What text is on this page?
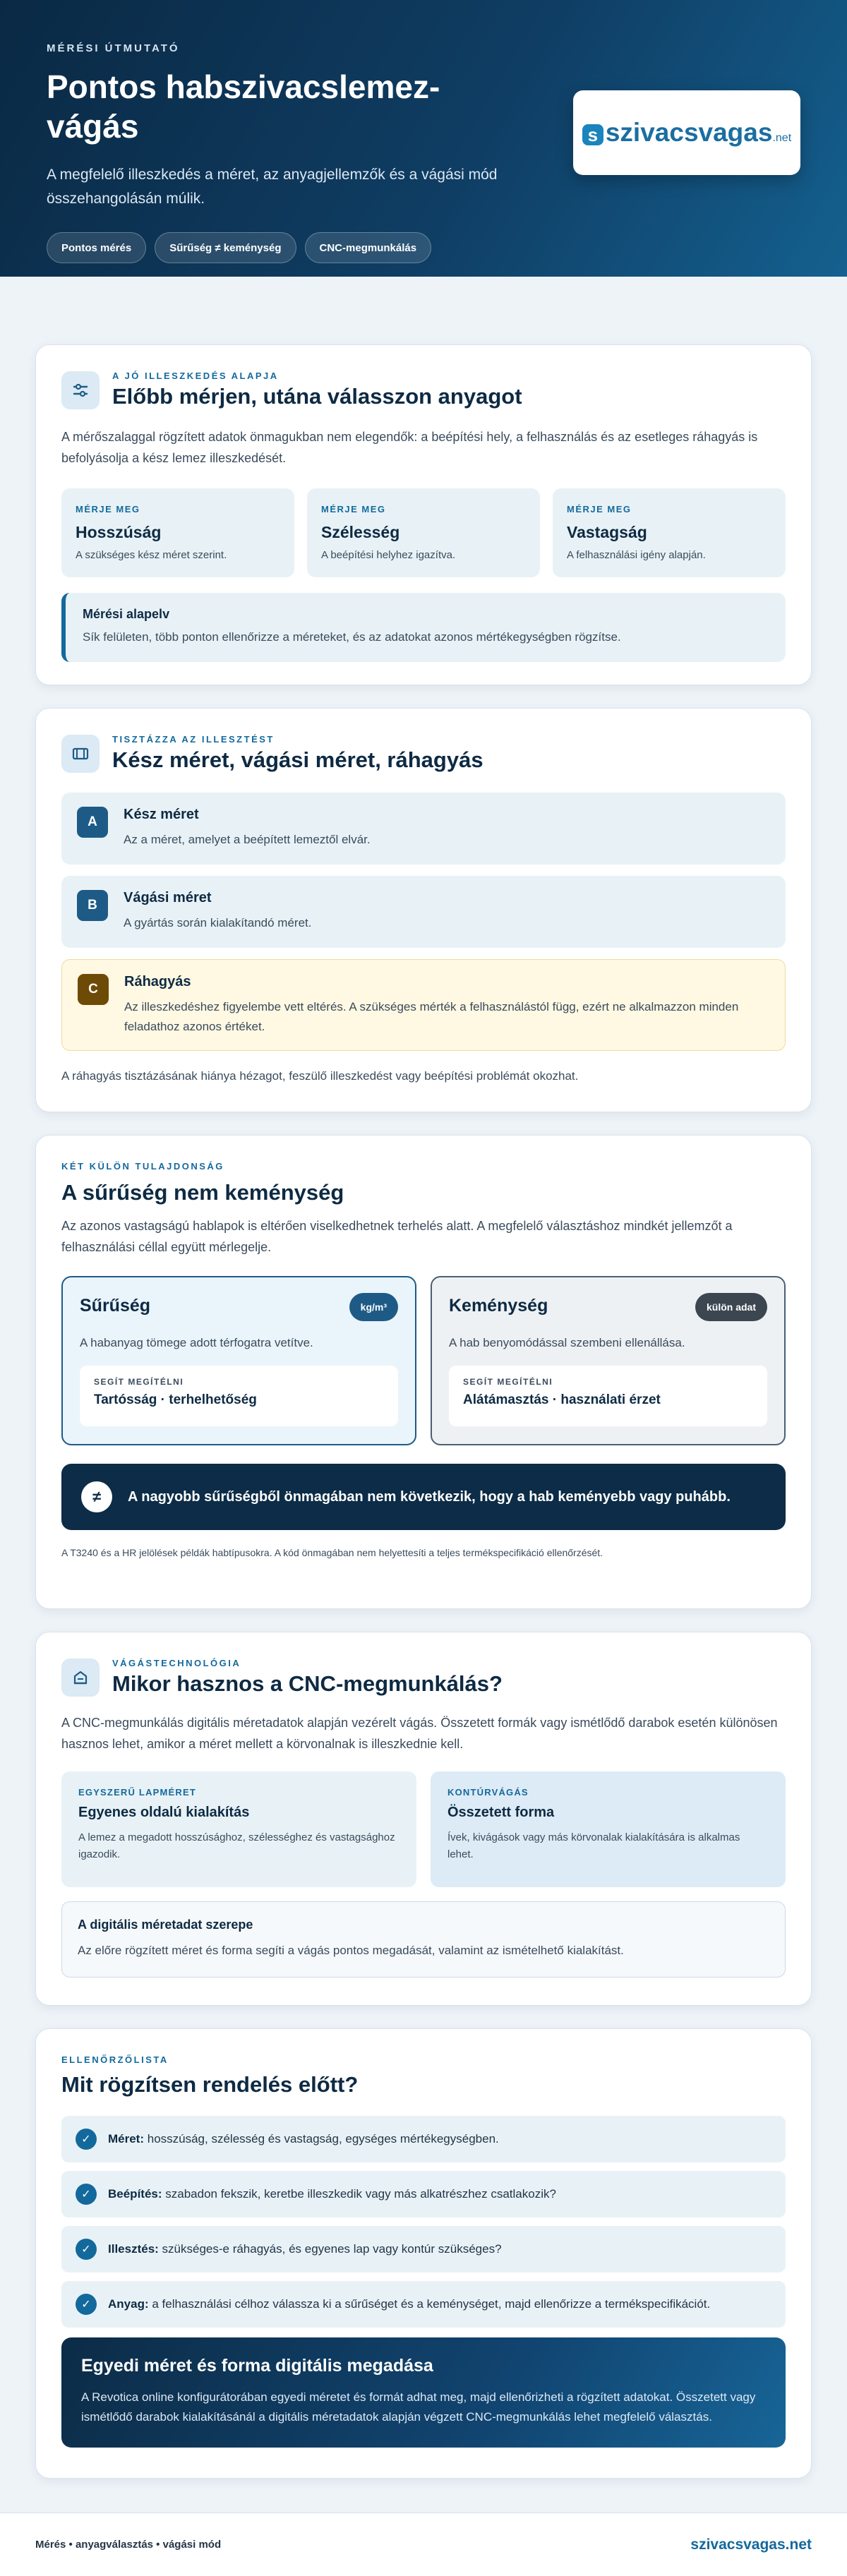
MÉRÉSI ÚTMUTATÓ
Pontos habszivacslemez-vágás

A megfelelő illeszkedés a méret, az anyagjellemzők és a vágási mód összehangolásán múlik.

Pontos mérés	Sűrűség ≠ keménység	CNC-megmunkálás
s szivacsvagas .net
A JÓ ILLESZKEDÉS ALAPJA
Előbb mérjen, utána válasszon anyagot

A mérőszalaggal rögzített adatok önmagukban nem elegendők: a beépítési hely, a felhasználás és az esetleges ráhagyás is befolyásolja a kész lemez illeszkedését.

MÉRJE MEG
Hosszúság
A szükséges kész méret szerint.
MÉRJE MEG
Szélesség
A beépítési helyhez igazítva.
MÉRJE MEG
Vastagság
A felhasználási igény alapján.
Mérési alapelv
Sík felületen, több ponton ellenőrizze a méreteket, és az adatokat azonos mértékegységben rögzítse.
TISZTÁZZA AZ ILLESZTÉST
Kész méret, vágási méret, ráhagyás
A	Kész méret
Az a méret, amelyet a beépített lemeztől elvár.
B	Vágási méret
A gyártás során kialakítandó méret.
C	Ráhagyás
Az illeszkedéshez figyelembe vett eltérés. A szükséges mérték a felhasználástól függ, ezért ne alkalmazzon minden feladathoz azonos értéket.

A ráhagyás tisztázásának hiánya hézagot, feszülő illeszkedést vagy beépítési problémát okozhat.

KÉT KÜLÖN TULAJDONSÁG
A sűrűség nem keménység

Az azonos vastagságú hablapok is eltérően viselkedhetnek terhelés alatt. A megfelelő választáshoz mindkét jellemzőt a felhasználási céllal együtt mérlegelje.

Sűrűség	kg/m³
A habanyag tömege adott térfogatra vetítve.
SEGÍT MEGÍTÉLNI
Tartósság · terhelhetőség
Keménység	külön adat
A hab benyomódással szembeni ellenállása.
SEGÍT MEGÍTÉLNI
Alátámasztás · használati érzet
≠	A nagyobb sűrűségből önmagában nem következik, hogy a hab keményebb vagy puhább.

A T3240 és a HR jelölések példák habtípusokra. A kód önmagában nem helyettesíti a teljes termékspecifikáció ellenőrzését.

VÁGÁSTECHNOLÓGIA
Mikor hasznos a CNC-megmunkálás?

A CNC-megmunkálás digitális méretadatok alapján vezérelt vágás. Összetett formák vagy ismétlődő darabok esetén különösen hasznos lehet, amikor a méret mellett a körvonalnak is illeszkednie kell.

EGYSZERŰ LAPMÉRET
Egyenes oldalú kialakítás
A lemez a megadott hosszúsághoz, szélességhez és vastagsághoz igazodik.
KONTÚRVÁGÁS
Összetett forma
Ívek, kivágások vagy más körvonalak kialakítására is alkalmas lehet.
A digitális méretadat szerepe
Az előre rögzített méret és forma segíti a vágás pontos megadását, valamint az ismételhető kialakítást.
ELLENŐRZŐLISTA
Mit rögzítsen rendelés előtt?
✓	Méret: hosszúság, szélesség és vastagság, egységes mértékegységben.
✓	Beépítés: szabadon fekszik, keretbe illeszkedik vagy más alkatrészhez csatlakozik?
✓	Illesztés: szükséges-e ráhagyás, és egyenes lap vagy kontúr szükséges?
✓	Anyag: a felhasználási célhoz válassza ki a sűrűséget és a keménységet, majd ellenőrizze a termékspecifikációt.
Egyedi méret és forma digitális megadása
A Revotica online konfigurátorában egyedi méretet és formát adhat meg, majd ellenőrizheti a rögzített adatokat. Összetett vagy ismétlődő darabok kialakításánál a digitális méretadatok alapján végzett CNC-megmunkálás lehet megfelelő választás.
Mérés • anyagválasztás • vágási mód	szivacsvagas.net
